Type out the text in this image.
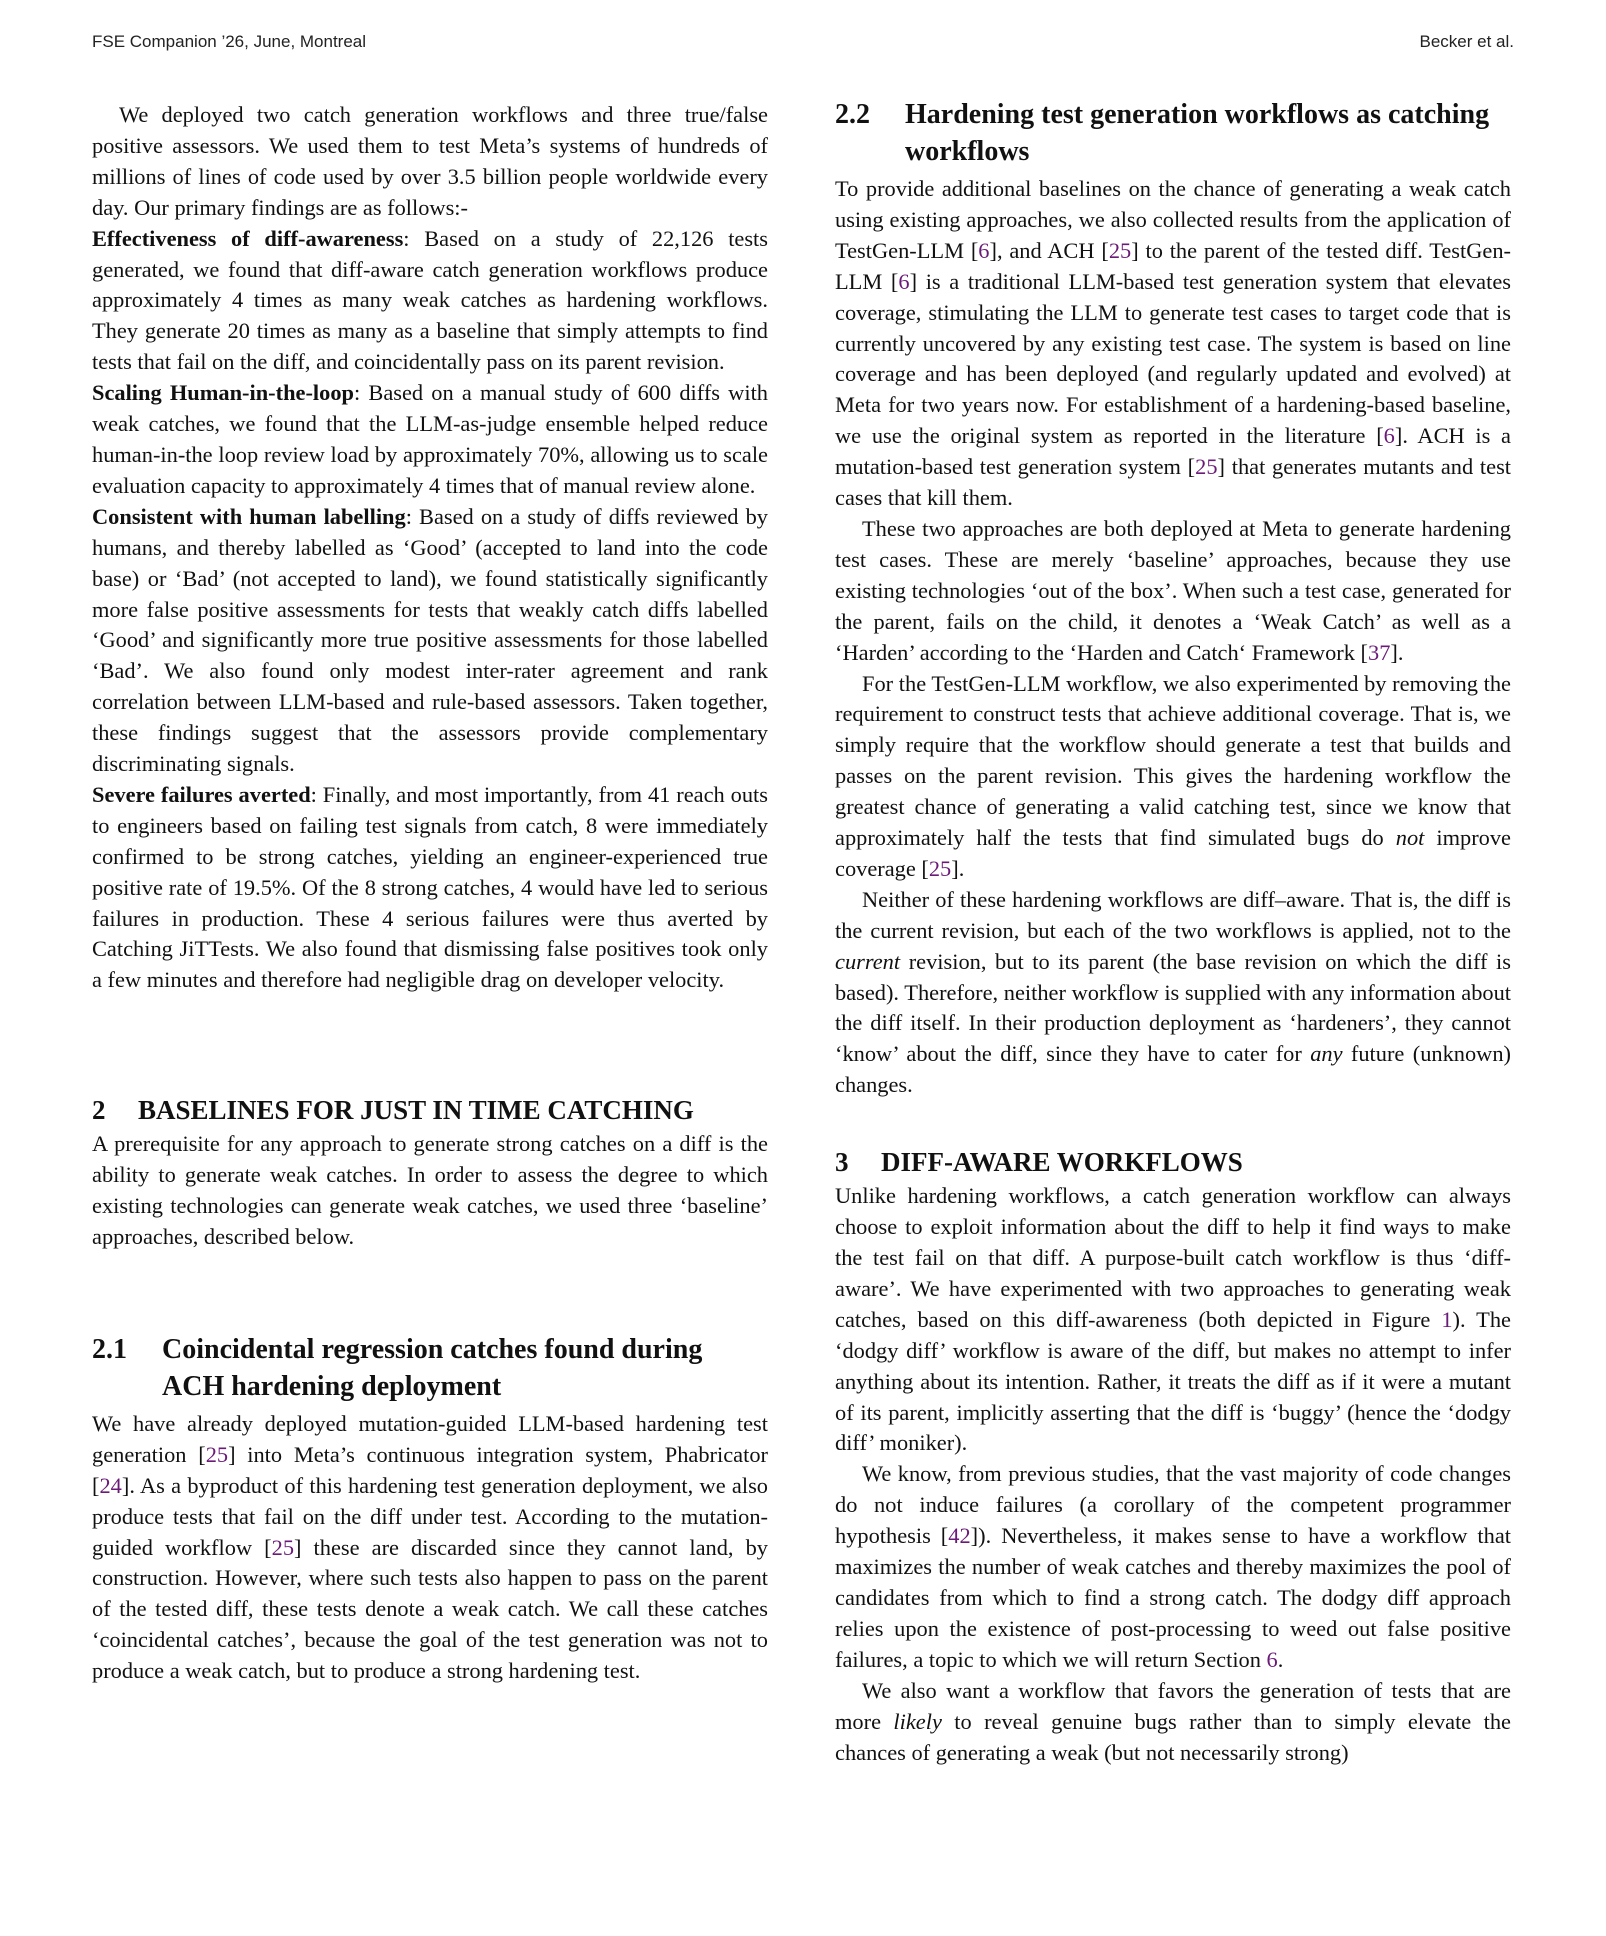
FSE Companion ’26, June, Montreal	Becker et al.

We deployed two catch generation workflows and three true/false positive assessors. We used them to test Meta’s systems of hundreds of millions of lines of code used by over 3.5 billion people worldwide every day. Our primary findings are as follows:-

Effectiveness of diff-awareness: Based on a study of 22,126 tests generated, we found that diff-aware catch generation workflows produce approximately 4 times as many weak catches as hardening workflows. They generate 20 times as many as a baseline that simply attempts to find tests that fail on the diff, and coincidentally pass on its parent revision.

Scaling Human-in-the-loop: Based on a manual study of 600 diffs with weak catches, we found that the LLM-as-judge ensemble helped reduce human-in-the loop review load by approximately 70%, allowing us to scale evaluation capacity to approximately 4 times that of manual review alone.

Consistent with human labelling: Based on a study of diffs reviewed by humans, and thereby labelled as ‘Good’ (accepted to land into the code base) or ‘Bad’ (not accepted to land), we found statistically significantly more false positive assessments for tests that weakly catch diffs labelled ‘Good’ and significantly more true positive assessments for those labelled ‘Bad’. We also found only modest inter-rater agreement and rank correlation between LLM-based and rule-based assessors. Taken together, these findings suggest that the assessors provide complementary discriminating signals.

Severe failures averted: Finally, and most importantly, from 41 reach outs to engineers based on failing test signals from catch, 8 were immediately confirmed to be strong catches, yielding an engineer-experienced true positive rate of 19.5%. Of the 8 strong catches, 4 would have led to serious failures in production. These 4 serious failures were thus averted by Catching JiTTests. We also found that dismissing false positives took only a few minutes and therefore had negligible drag on developer velocity.

2 BASELINES FOR JUST IN TIME CATCHING

A prerequisite for any approach to generate strong catches on a diff is the ability to generate weak catches. In order to assess the degree to which existing technologies can generate weak catches, we used three ‘baseline’ approaches, described below.

2.1 Coincidental regression catches found during ACH hardening deployment

We have already deployed mutation-guided LLM-based hardening test generation [25] into Meta’s continuous integration system, Phabricator [24]. As a byproduct of this hardening test generation deployment, we also produce tests that fail on the diff under test. According to the mutation-guided workflow [25] these are discarded since they cannot land, by construction. However, where such tests also happen to pass on the parent of the tested diff, these tests denote a weak catch. We call these catches ‘coincidental catches’, because the goal of the test generation was not to produce a weak catch, but to produce a strong hardening test.

2.2 Hardening test generation workflows as catching workflows

To provide additional baselines on the chance of generating a weak catch using existing approaches, we also collected results from the application of TestGen-LLM [6], and ACH [25] to the parent of the tested diff. TestGen-LLM [6] is a traditional LLM-based test generation system that elevates coverage, stimulating the LLM to generate test cases to target code that is currently uncovered by any existing test case. The system is based on line coverage and has been deployed (and regularly updated and evolved) at Meta for two years now. For establishment of a hardening-based baseline, we use the original system as reported in the literature [6]. ACH is a mutation-based test generation system [25] that generates mutants and test cases that kill them.

These two approaches are both deployed at Meta to generate hardening test cases. These are merely ‘baseline’ approaches, because they use existing technologies ‘out of the box’. When such a test case, generated for the parent, fails on the child, it denotes a ‘Weak Catch’ as well as a ‘Harden’ according to the ‘Harden and Catch‘ Framework [37].

For the TestGen-LLM workflow, we also experimented by removing the requirement to construct tests that achieve additional coverage. That is, we simply require that the workflow should generate a test that builds and passes on the parent revision. This gives the hardening workflow the greatest chance of generating a valid catching test, since we know that approximately half the tests that find simulated bugs do not improve coverage [25].

Neither of these hardening workflows are diff–aware. That is, the diff is the current revision, but each of the two workflows is applied, not to the current revision, but to its parent (the base revision on which the diff is based). Therefore, neither workflow is supplied with any information about the diff itself. In their production deployment as ‘hardeners’, they cannot ‘know’ about the diff, since they have to cater for any future (unknown) changes.

3 DIFF-AWARE WORKFLOWS

Unlike hardening workflows, a catch generation workflow can always choose to exploit information about the diff to help it find ways to make the test fail on that diff. A purpose-built catch workflow is thus ‘diff-aware’. We have experimented with two approaches to generating weak catches, based on this diff-awareness (both depicted in Figure 1). The ‘dodgy diff’ workflow is aware of the diff, but makes no attempt to infer anything about its intention. Rather, it treats the diff as if it were a mutant of its parent, implicitly asserting that the diff is ‘buggy’ (hence the ‘dodgy diff’ moniker).

We know, from previous studies, that the vast majority of code changes do not induce failures (a corollary of the competent programmer hypothesis [42]). Nevertheless, it makes sense to have a workflow that maximizes the number of weak catches and thereby maximizes the pool of candidates from which to find a strong catch. The dodgy diff approach relies upon the existence of post-processing to weed out false positive failures, a topic to which we will return Section 6.

We also want a workflow that favors the generation of tests that are more likely to reveal genuine bugs rather than to simply elevate the chances of generating a weak (but not necessarily strong)
